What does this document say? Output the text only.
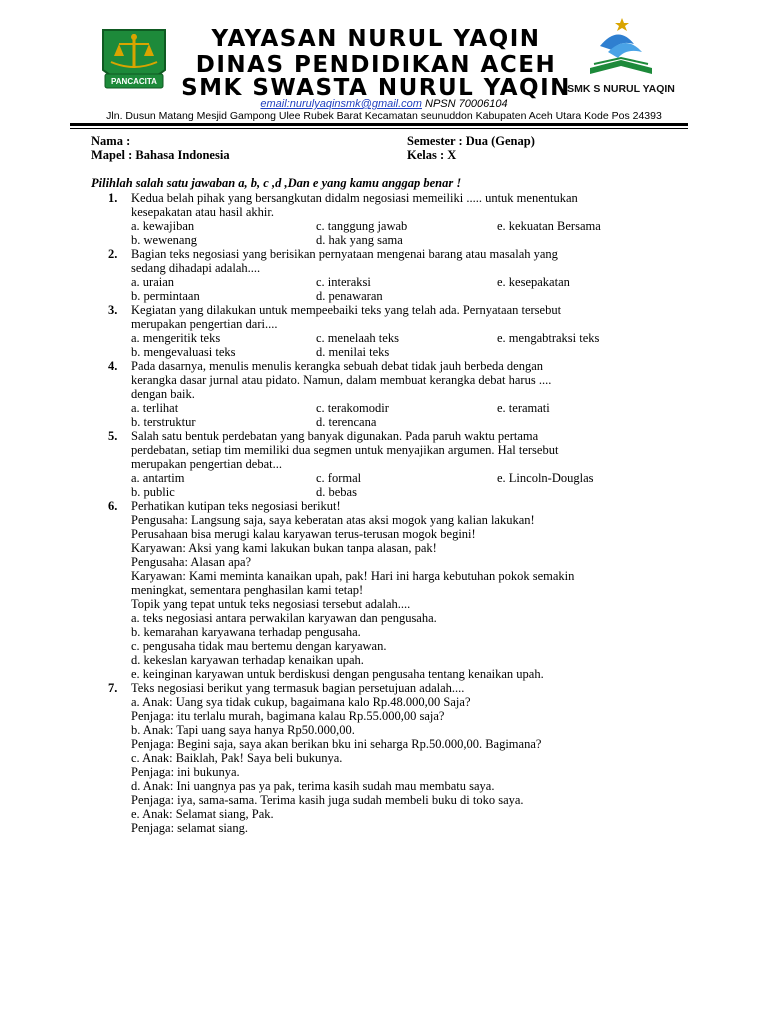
PANCACITA
SMK S NURUL YAQIN
YAYASAN NURUL YAQIN
DINAS PENDIDIKAN ACEH
SMK SWASTA NURUL YAQIN
email:nurulyaqinsmk@gmail.com NPSN 70006104
Jln. Dusun Matang Mesjid Gampong Ulee Rubek Barat Kecamatan seunuddon Kabupaten Aceh Utara Kode Pos 24393
Nama :
Mapel : Bahasa Indonesia
Semester : Dua (Genap)
Kelas : X
Pilihlah salah satu jawaban a, b, c ,d ,Dan e yang kamu anggap benar !
1. Kedua belah pihak yang bersangkutan didalm negosiasi memeiliki ..... untuk menentukan
kesepakatan atau hasil akhir.
a. kewajiban	c. tanggung jawab	e. kekuatan Bersama
b. wewenang	d. hak yang sama
2. Bagian teks negosiasi yang berisikan pernyataan mengenai barang atau masalah yang
sedang dihadapi adalah....
a. uraian	c. interaksi	e. kesepakatan
b. permintaan	d. penawaran
3. Kegiatan yang dilakukan untuk mempeebaiki teks yang telah ada. Pernyataan tersebut
merupakan pengertian dari....
a. mengeritik teks	c. menelaah teks	e. mengabtraksi teks
b. mengevaluasi teks	d. menilai teks
4. Pada dasarnya, menulis menulis kerangka sebuah debat tidak jauh berbeda dengan
kerangka dasar jurnal atau pidato. Namun, dalam membuat kerangka debat harus ....
dengan baik.
a. terlihat	c. terakomodir	e. teramati
b. terstruktur	d. terencana
5. Salah satu bentuk perdebatan yang banyak digunakan. Pada paruh waktu pertama
perdebatan, setiap tim memiliki dua segmen untuk menyajikan argumen. Hal tersebut
merupakan pengertian debat...
a. antartim	c. formal	e. Lincoln-Douglas
b. public	d. bebas
6. Perhatikan kutipan teks negosiasi berikut!
Pengusaha: Langsung saja, saya keberatan atas aksi mogok yang kalian lakukan!
Perusahaan bisa merugi kalau karyawan terus-terusan mogok begini!
Karyawan: Aksi yang kami lakukan bukan tanpa alasan, pak!
Pengusaha: Alasan apa?
Karyawan: Kami meminta kanaikan upah, pak! Hari ini harga kebutuhan pokok semakin
meningkat, sementara penghasilan kami tetap!
Topik yang tepat untuk teks negosiasi tersebut adalah....
a. teks negosiasi antara perwakilan karyawan dan pengusaha.
b. kemarahan karyawana terhadap pengusaha.
c. pengusaha tidak mau bertemu dengan karyawan.
d. kekeslan karyawan terhadap kenaikan upah.
e. keinginan karyawan untuk berdiskusi dengan pengusaha tentang kenaikan upah.
7. Teks negosiasi berikut yang termasuk bagian persetujuan adalah....
a. Anak: Uang sya tidak cukup, bagaimana kalo Rp.48.000,00 Saja?
Penjaga: itu terlalu murah, bagimana kalau Rp.55.000,00 saja?
b. Anak: Tapi uang saya hanya Rp50.000,00.
Penjaga: Begini saja, saya akan berikan bku ini seharga Rp.50.000,00. Bagimana?
c. Anak: Baiklah, Pak! Saya beli bukunya.
Penjaga: ini bukunya.
d. Anak: Ini uangnya pas ya pak, terima kasih sudah mau membatu saya.
Penjaga: iya, sama-sama. Terima kasih juga sudah membeli buku di toko saya.
e. Anak: Selamat siang, Pak.
Penjaga: selamat siang.
